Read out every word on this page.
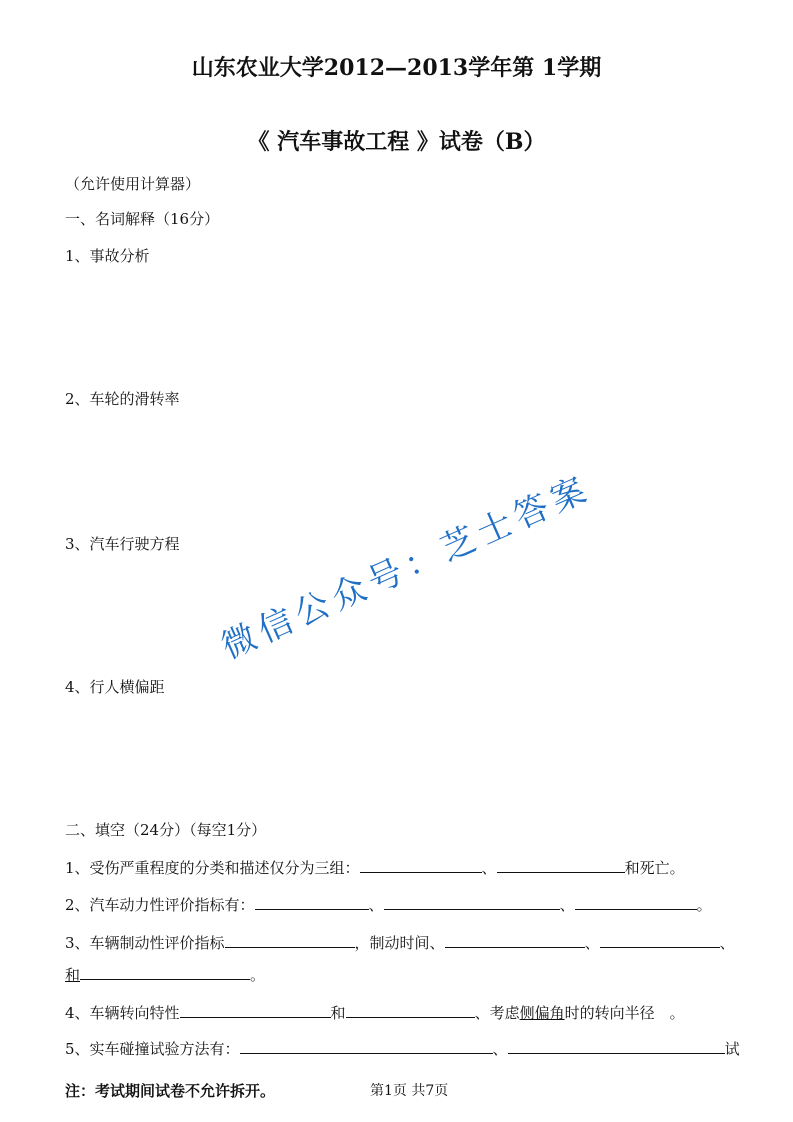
山东农业大学2012—2013学年第 1学期
《 汽车事故工程 》试卷（B）
（允许使用计算器）
一、名词解释（16分）
1、事故分析
2、车轮的滑转率
3、汽车行驶方程
4、行人横偏距
微信公众号：芝士答案
二、填空（24分）（每空1分）
1、受伤严重程度的分类和描述仅分为三组：	、	和死亡。
2、汽车动力性评价指标有：	、	、	。
3、车辆制动性评价指标	，制动时间、	、	、
和	。
4、车辆转向特性	和	、考虑侧偏角时的转向半径　。
5、实车碰撞试验方法有：	、	试
注：考试期间试卷不允许拆开。	第1页 共7页
